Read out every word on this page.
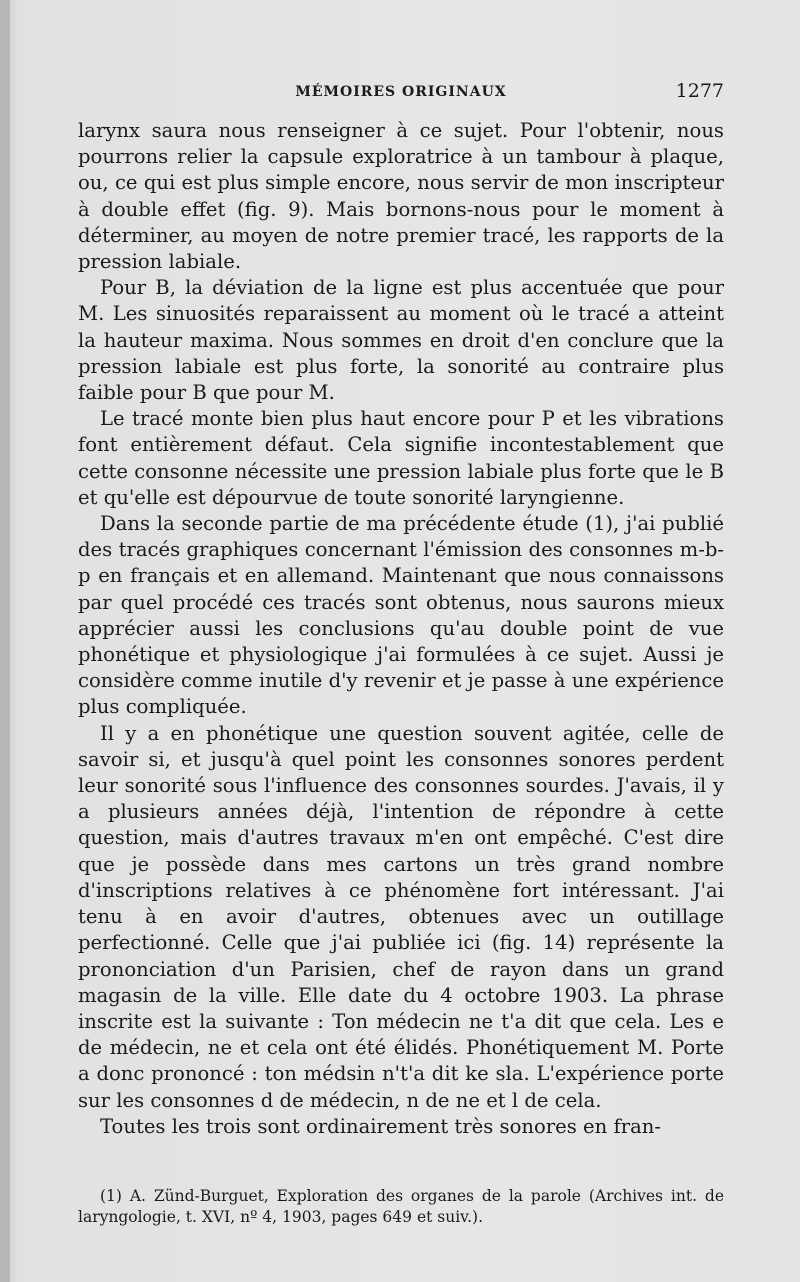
MÉMOIRES ORIGINAUX	1277

larynx saura nous renseigner à ce sujet. Pour l'obtenir, nous pourrons relier la capsule exploratrice à un tambour à plaque, ou, ce qui est plus simple encore, nous servir de mon inscripteur à double effet (fig. 9). Mais bornons-nous pour le moment à déterminer, au moyen de notre premier tracé, les rapports de la pression labiale.

Pour B, la déviation de la ligne est plus accentuée que pour M. Les sinuosités reparaissent au moment où le tracé a atteint la hauteur maxima. Nous sommes en droit d'en conclure que la pression labiale est plus forte, la sonorité au contraire plus faible pour B que pour M.

Le tracé monte bien plus haut encore pour P et les vibrations font entièrement défaut. Cela signifie incontestablement que cette consonne nécessite une pression labiale plus forte que le B et qu'elle est dépourvue de toute sonorité laryngienne.

Dans la seconde partie de ma précédente étude (1), j'ai publié des tracés graphiques concernant l'émission des consonnes m-b-p en français et en allemand. Maintenant que nous connaissons par quel procédé ces tracés sont obtenus, nous saurons mieux apprécier aussi les conclusions qu'au double point de vue phonétique et physiologique j'ai formulées à ce sujet. Aussi je considère comme inutile d'y revenir et je passe à une expérience plus compliquée.

Il y a en phonétique une question souvent agitée, celle de savoir si, et jusqu'à quel point les consonnes sonores perdent leur sonorité sous l'influence des consonnes sourdes. J'avais, il y a plusieurs années déjà, l'intention de répondre à cette question, mais d'autres travaux m'en ont empêché. C'est dire que je possède dans mes cartons un très grand nombre d'inscriptions relatives à ce phénomène fort intéressant. J'ai tenu à en avoir d'autres, obtenues avec un outillage perfectionné. Celle que j'ai publiée ici (fig. 14) représente la prononciation d'un Parisien, chef de rayon dans un grand magasin de la ville. Elle date du 4 octobre 1903. La phrase inscrite est la suivante : Ton médecin ne t'a dit que cela. Les e de médecin, ne et cela ont été élidés. Phonétiquement M. Porte a donc prononcé : ton médsin n't'a dit ke sla. L'expérience porte sur les consonnes d de médecin, n de ne et l de cela.

Toutes les trois sont ordinairement très sonores en fran-

(1) A. Zünd-Burguet, Exploration des organes de la parole (Archives int. de laryngologie, t. XVI, nº 4, 1903, pages 649 et suiv.).
